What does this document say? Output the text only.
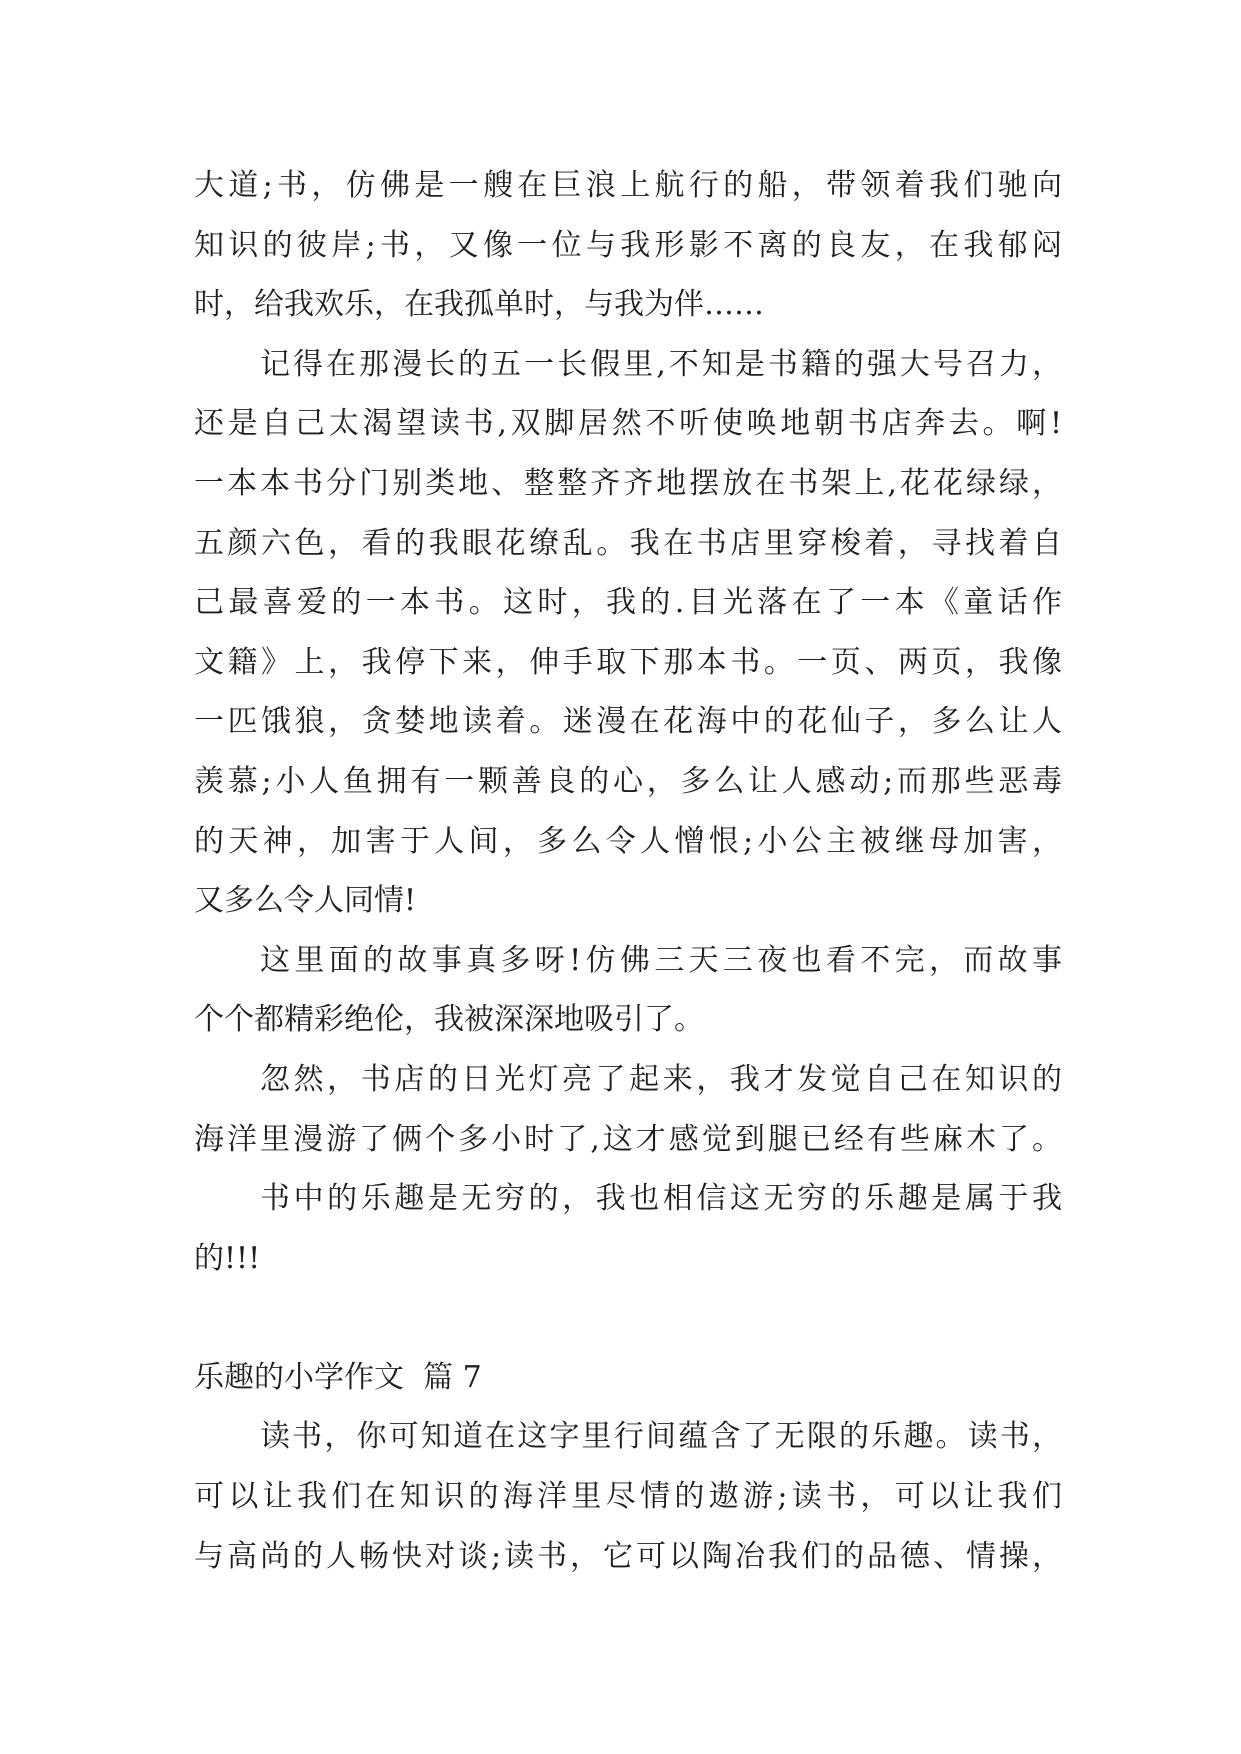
大道;书，仿佛是一艘在巨浪上航行的船，带领着我们驰向
知识的彼岸;书，又像一位与我形影不离的良友，在我郁闷
时，给我欢乐，在我孤单时，与我为伴……
记得在那漫长的五一长假里,不知是书籍的强大号召力，
还是自己太渴望读书,双脚居然不听使唤地朝书店奔去。啊!
一本本书分门别类地、整整齐齐地摆放在书架上,花花绿绿，
五颜六色，看的我眼花缭乱。我在书店里穿梭着，寻找着自
己最喜爱的一本书。这时，我的.目光落在了一本《童话作
文籍》上，我停下来，伸手取下那本书。一页、两页，我像
一匹饿狼，贪婪地读着。迷漫在花海中的花仙子，多么让人
羡慕;小人鱼拥有一颗善良的心，多么让人感动;而那些恶毒
的天神，加害于人间，多么令人憎恨;小公主被继母加害，
又多么令人同情!
这里面的故事真多呀!仿佛三天三夜也看不完，而故事
个个都精彩绝伦，我被深深地吸引了。
忽然，书店的日光灯亮了起来，我才发觉自己在知识的
海洋里漫游了俩个多小时了,这才感觉到腿已经有些麻木了。
书中的乐趣是无穷的，我也相信这无穷的乐趣是属于我
的!!!
乐趣的小学作文  篇 7
读书，你可知道在这字里行间蕴含了无限的乐趣。读书，
可以让我们在知识的海洋里尽情的遨游;读书，可以让我们
与高尚的人畅快对谈;读书，它可以陶冶我们的品德、情操，
